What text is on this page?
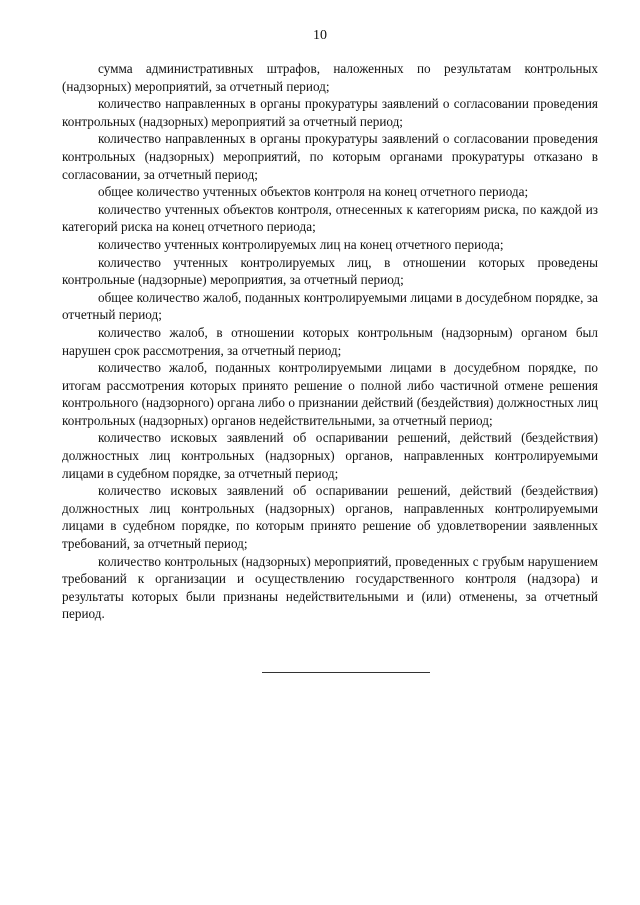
10

сумма административных штрафов, наложенных по результатам контрольных (надзорных) мероприятий, за отчетный период;

количество направленных в органы прокуратуры заявлений о согласовании проведения контрольных (надзорных) мероприятий за отчетный период;

количество направленных в органы прокуратуры заявлений о согласовании проведения контрольных (надзорных) мероприятий, по которым органами прокуратуры отказано в согласовании, за отчетный период;

общее количество учтенных объектов контроля на конец отчетного периода;

количество учтенных объектов контроля, отнесенных к категориям риска, по каждой из категорий риска на конец отчетного периода;

количество учтенных контролируемых лиц на конец отчетного периода;

количество учтенных контролируемых лиц, в отношении которых проведены контрольные (надзорные) мероприятия, за отчетный период;

общее количество жалоб, поданных контролируемыми лицами в досудебном порядке, за отчетный период;

количество жалоб, в отношении которых контрольным (надзорным) органом был нарушен срок рассмотрения, за отчетный период;

количество жалоб, поданных контролируемыми лицами в досудебном порядке, по итогам рассмотрения которых принято решение о полной либо частичной отмене решения контрольного (надзорного) органа либо о признании действий (бездействия) должностных лиц контрольных (надзорных) органов недействительными, за отчетный период;

количество исковых заявлений об оспаривании решений, действий (бездействия) должностных лиц контрольных (надзорных) органов, направленных контролируемыми лицами в судебном порядке, за отчетный период;

количество исковых заявлений об оспаривании решений, действий (бездействия) должностных лиц контрольных (надзорных) органов, направленных контролируемыми лицами в судебном порядке, по которым принято решение об удовлетворении заявленных требований, за отчетный период;

количество контрольных (надзорных) мероприятий, проведенных с грубым нарушением требований к организации и осуществлению государственного контроля (надзора) и результаты которых были признаны недействительными и (или) отменены, за отчетный период.
